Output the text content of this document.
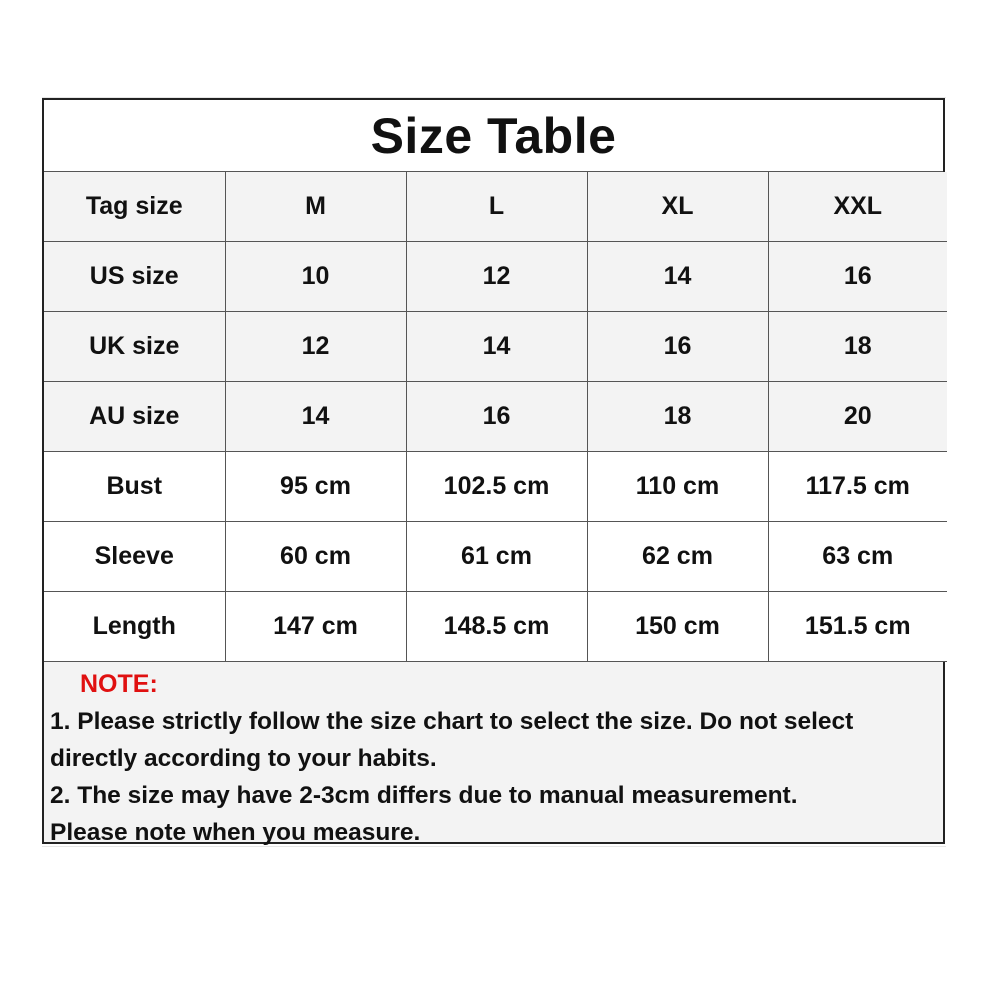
Size Table
Tag size	M	L	XL	XXL
US size	10	12	14	16
UK size	12	14	16	18
AU size	14	16	18	20
Bust	95 cm	102.5 cm	110 cm	117.5 cm
Sleeve	60 cm	61 cm	62 cm	63 cm
Length	147 cm	148.5 cm	150 cm	151.5 cm
NOTE:
1. Please strictly follow the size chart to select the size. Do not select
directly according to your habits.
2. The size may have 2-3cm differs due to manual measurement.
Please note when you measure.
